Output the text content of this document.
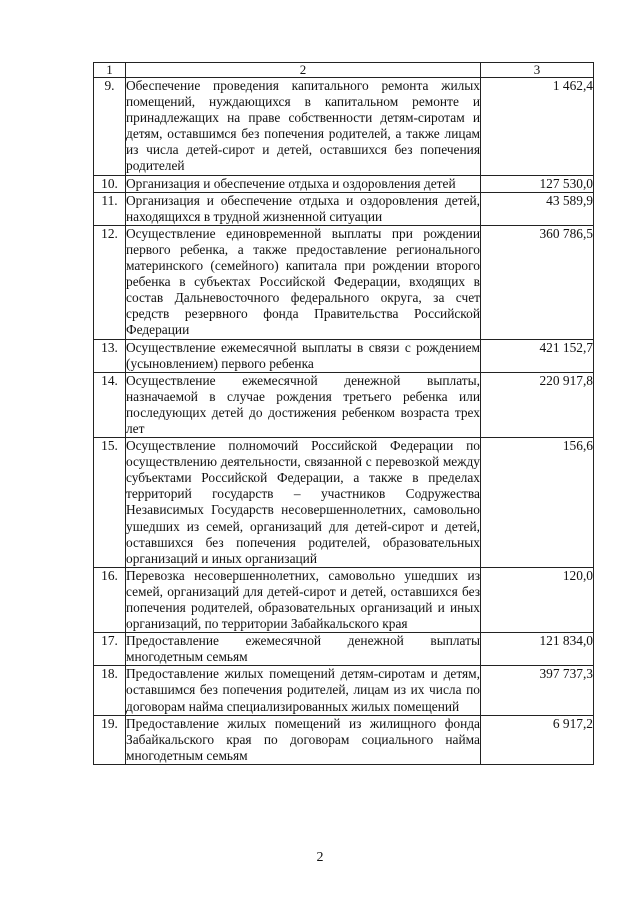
1	2	3
9.	Обеспечение проведения капитального ремонта жилых помещений, нуждающихся в капитальном ремонте и принадлежащих на праве собственности детям-сиротам и детям, оставшимся без попечения родителей, а также лицам из числа детей-сирот и детей, оставшихся без попечения родителей	1 462,4
10.	Организация и обеспечение отдыха и оздоровления детей	127 530,0
11.	Организация и обеспечение отдыха и оздоровления детей, находящихся в трудной жизненной ситуации	43 589,9
12.	Осуществление единовременной выплаты при рождении первого ребенка, а также предоставление регионального материнского (семейного) капитала при рождении второго ребенка в субъектах Российской Федерации, входящих в состав Дальневосточного федерального округа, за счет средств резервного фонда Правительства Российской Федерации	360 786,5
13.	Осуществление ежемесячной выплаты в связи с рождением (усыновлением) первого ребенка	421 152,7
14.	Осуществление ежемесячной денежной выплаты, назначаемой в случае рождения третьего ребенка или последующих детей до достижения ребенком возраста трех лет	220 917,8
15.	Осуществление полномочий Российской Федерации по осуществлению деятельности, связанной с перевозкой между субъектами Российской Федерации, а также в пределах территорий государств – участников Содружества Независимых Государств несовершеннолетних, самовольно ушедших из семей, организаций для детей-сирот и детей, оставшихся без попечения родителей, образовательных организаций и иных организаций	156,6
16.	Перевозка несовершеннолетних, самовольно ушедших из семей, организаций для детей-сирот и детей, оставшихся без попечения родителей, образовательных организаций и иных организаций, по территории Забайкальского края	120,0
17.	Предоставление ежемесячной денежной выплаты многодетным семьям	121 834,0
18.	Предоставление жилых помещений детям-сиротам и детям, оставшимся без попечения родителей, лицам из их числа по договорам найма специализированных жилых помещений	397 737,3
19.	Предоставление жилых помещений из жилищного фонда Забайкальского края по договорам социального найма многодетным семьям	6 917,2
2
